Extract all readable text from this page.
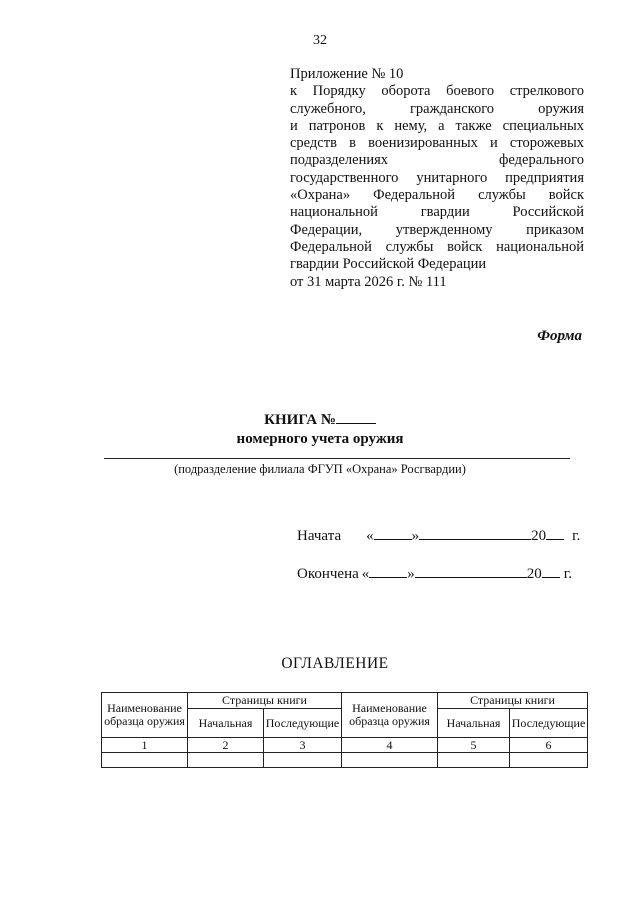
32
Приложение № 10
к Порядку оборота боевого стрелкового
служебного, гражданского оружия
и патронов к нему, а также специальных
средств в военизированных и сторожевых
подразделениях федерального
государственного унитарного предприятия
«Охрана» Федеральной службы войск
национальной гвардии Российской
Федерации, утвержденному приказом
Федеральной службы войск национальной
гвардии Российской Федерации
от 31 марта 2026 г. № 111
Форма
КНИГА №
номерного учета оружия
(подразделение филиала ФГУП «Охрана» Росгвардии)
Начата «	»	20 г.
Окончена «	»	20 г.
ОГЛАВЛЕНИЕ
Наименование образца оружия	Страницы книги		Наименование образца оружия	Страницы книги	
	Начальная	Последующие		Начальная	Последующие
1	2	3	4	5	6
